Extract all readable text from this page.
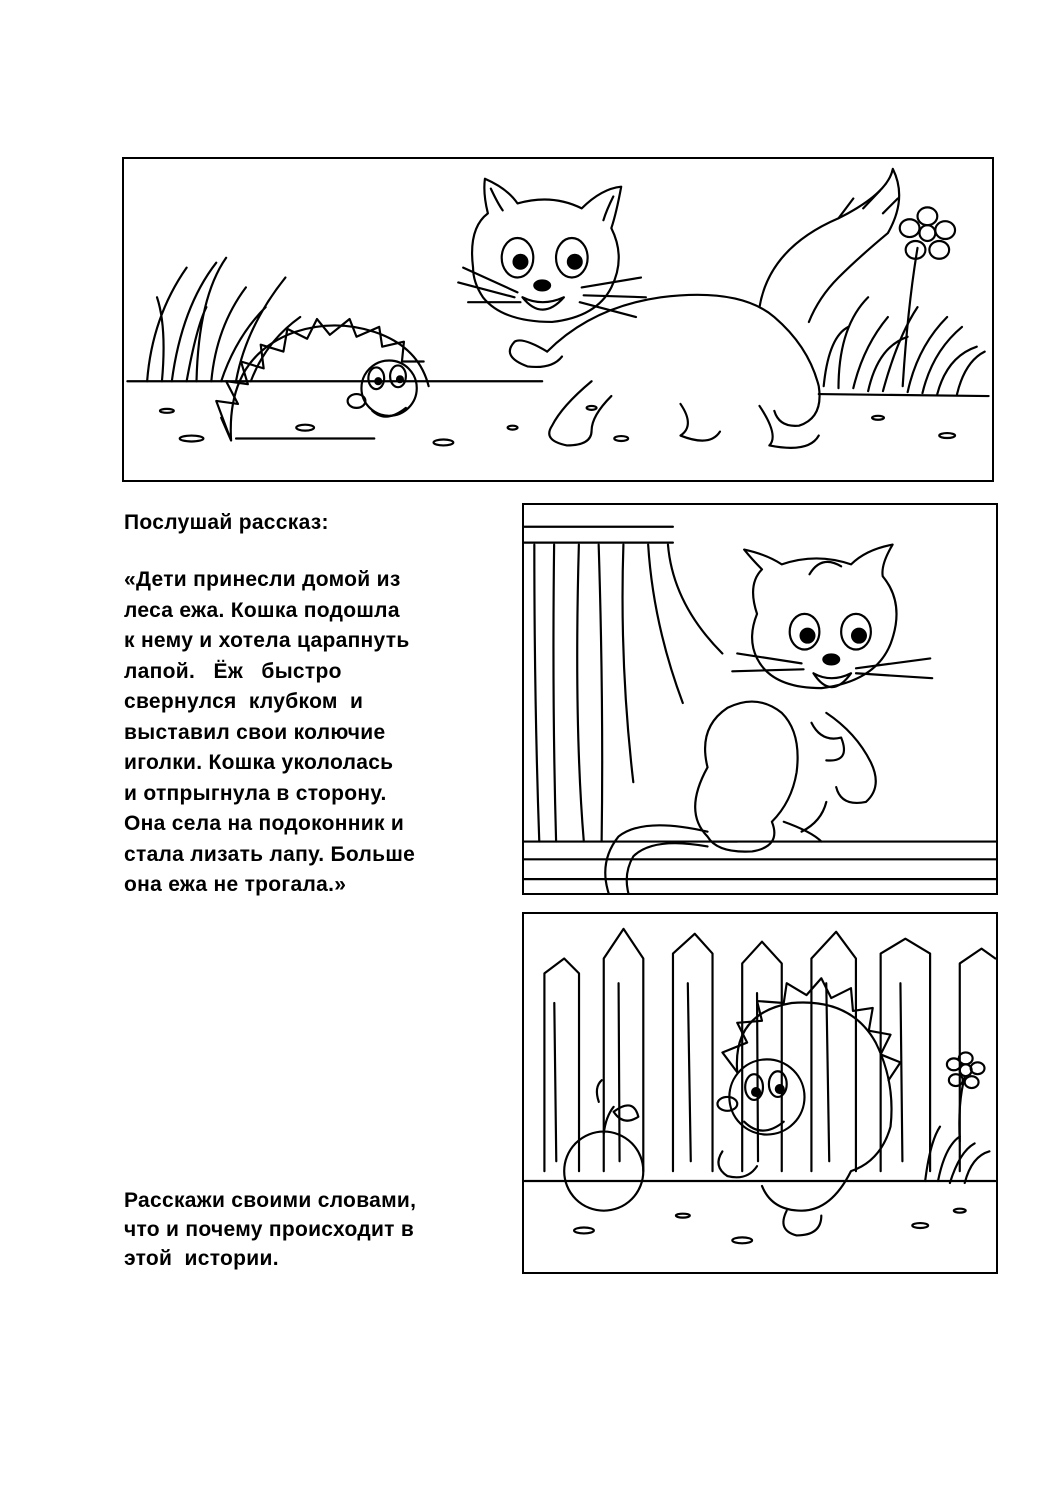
Послушай рассказ:

«Дети принесли домой из

леса ежа. Кошка подошла

к нему и хотела царапнуть

лапой.   Ёж   быстро

свернулся  клубком  и

выставил свои колючие

иголки. Кошка укололась

и отпрыгнула в сторону.

Она села на подоконник и

стала лизать лапу. Больше

она ежа не трогала.»

Расскажи своими словами,

что и почему происходит в

этой  истории.
